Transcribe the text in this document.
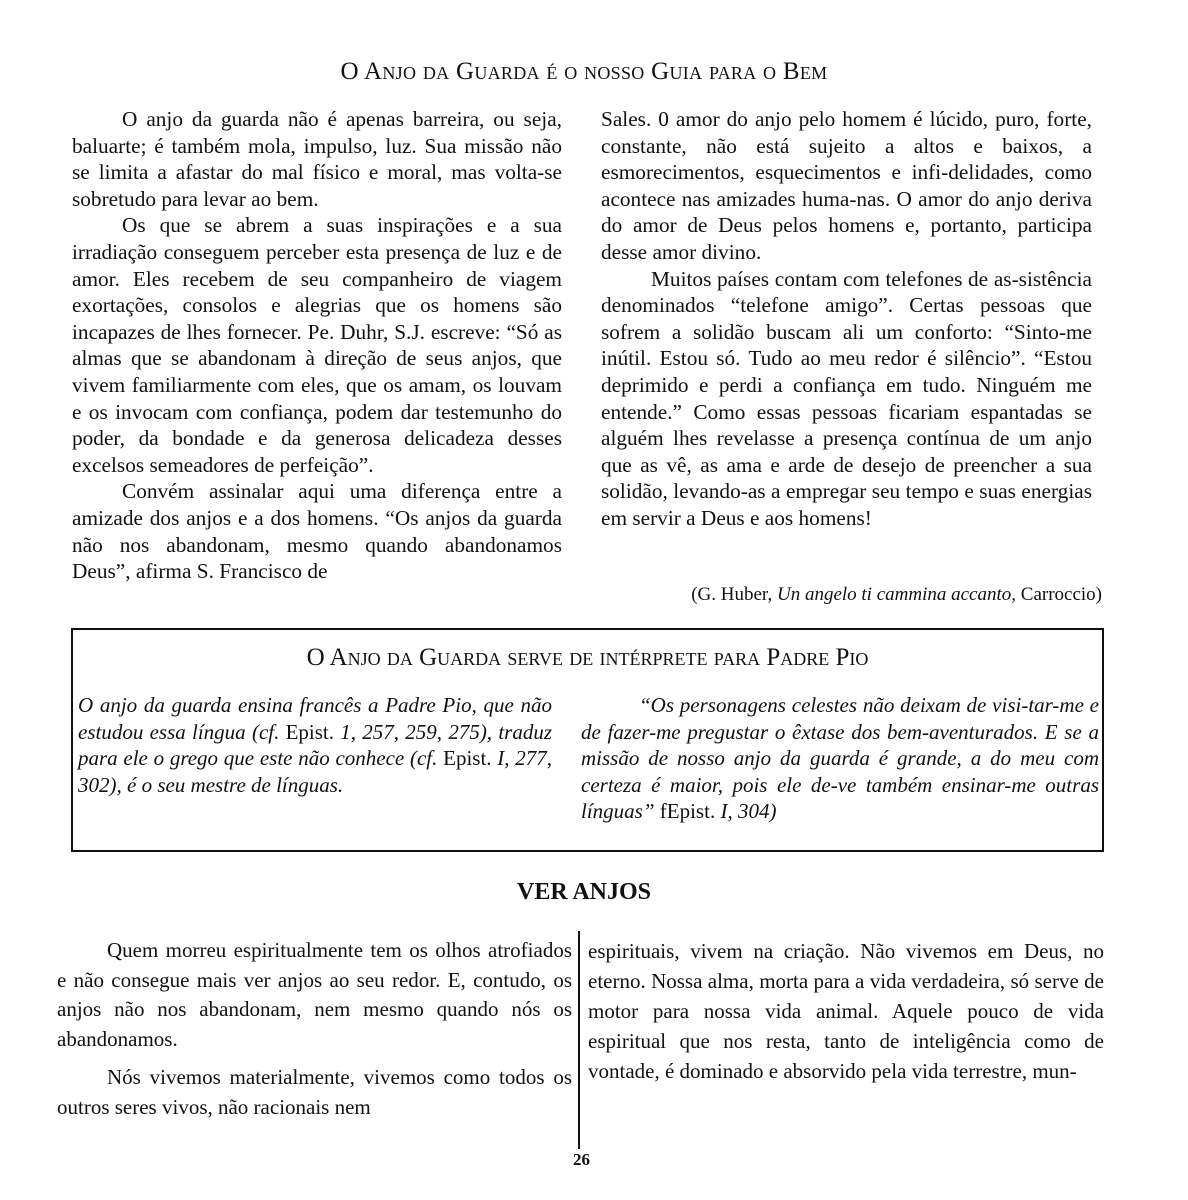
O Anjo da Guarda é o nosso Guia para o Bem

O anjo da guarda não é apenas barreira, ou seja, baluarte; é também mola, impulso, luz. Sua missão não se limita a afastar do mal físico e moral, mas volta-se sobretudo para levar ao bem.

Os que se abrem a suas inspirações e a sua irradiação conseguem perceber esta presença de luz e de amor. Eles recebem de seu companheiro de viagem exortações, consolos e alegrias que os homens são incapazes de lhes fornecer. Pe. Duhr, S.J. escreve: “Só as almas que se abandonam à direção de seus anjos, que vivem familiarmente com eles, que os amam, os louvam e os invocam com confiança, podem dar testemunho do poder, da bondade e da generosa delicadeza desses excelsos semeadores de perfeição”.

Convém assinalar aqui uma diferença entre a amizade dos anjos e a dos homens. “Os anjos da guarda não nos abandonam, mesmo quando abandonamos Deus”, afirma S. Francisco de

Sales. 0 amor do anjo pelo homem é lúcido, puro, forte, constante, não está sujeito a altos e baixos, a esmorecimentos, esquecimentos e infi-delidades, como acontece nas amizades huma-nas. O amor do anjo deriva do amor de Deus pelos homens e, portanto, participa desse amor divino.

Muitos países contam com telefones de as-sistência denominados “telefone amigo”. Certas pessoas que sofrem a solidão buscam ali um conforto: “Sinto-me inútil. Estou só. Tudo ao meu redor é silêncio”. “Estou deprimido e perdi a confiança em tudo. Ninguém me entende.” Como essas pessoas ficariam espantadas se alguém lhes revelasse a presença contínua de um anjo que as vê, as ama e arde de desejo de preencher a sua solidão, levando-as a empregar seu tempo e suas energias em servir a Deus e aos homens!

(G. Huber, Un angelo ti cammina accanto, Carroccio)
O Anjo da Guarda serve de intérprete para Padre Pio

O anjo da guarda ensina francês a Padre Pio, que não estudou essa língua (cf. Epist. 1, 257, 259, 275), traduz para ele o grego que este não conhece (cf. Epist. I, 277, 302), é o seu mestre de línguas.

“Os personagens celestes não deixam de visi-tar-me e de fazer-me pregustar o êxtase dos bem-aventurados. E se a missão de nosso anjo da guarda é grande, a do meu com certeza é maior, pois ele de-ve também ensinar-me outras línguas” fEpist. I, 304)

VER ANJOS

Quem morreu espiritualmente tem os olhos atrofiados e não consegue mais ver anjos ao seu redor. E, contudo, os anjos não nos abandonam, nem mesmo quando nós os abandonamos.

Nós vivemos materialmente, vivemos como todos os outros seres vivos, não racionais nem

espirituais, vivem na criação. Não vivemos em Deus, no eterno. Nossa alma, morta para a vida verdadeira, só serve de motor para nossa vida animal. Aquele pouco de vida espiritual que nos resta, tanto de inteligência como de vontade, é dominado e absorvido pela vida terrestre, mun-

26
